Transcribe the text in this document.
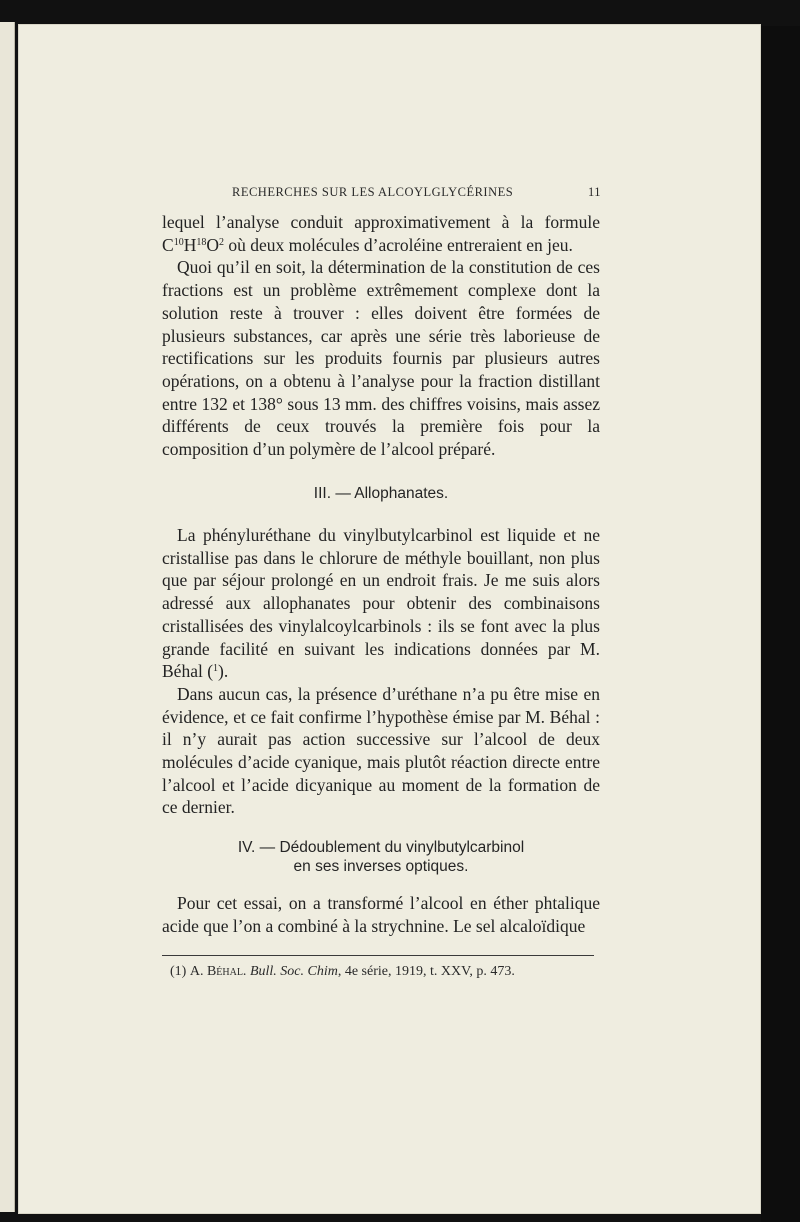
RECHERCHES SUR LES ALCOYLGLYCÉRINES	11

lequel l’analyse conduit approximativement à la formule $C^{10}H^{18}O^2$ où deux molécules d’acroléine entreraient en jeu.

Quoi qu’il en soit, la détermination de la constitution de ces fractions est un problème extrêmement complexe dont la solution reste à trouver : elles doivent être formées de plusieurs substances, car après une série très laborieuse de rectifications sur les produits fournis par plusieurs autres opérations, on a obtenu à l’analyse pour la fraction distillant entre 132 et 138° sous 13 mm. des chiffres voisins, mais assez différents de ceux trouvés la première fois pour la composition d’un polymère de l’alcool préparé.

III. — Allophanates.

La phényluréthane du vinylbutylcarbinol est liquide et ne cristallise pas dans le chlorure de méthyle bouillant, non plus que par séjour prolongé en un endroit frais. Je me suis alors adressé aux allophanates pour obtenir des combinaisons cristallisées des vinylalcoylcarbinols : ils se font avec la plus grande facilité en suivant les indications données par M. Béhal ($^1$).

Dans aucun cas, la présence d’uréthane n’a pu être mise en évidence, et ce fait confirme l’hypothèse émise par M. Béhal : il n’y aurait pas action successive sur l’alcool de deux molécules d’acide cyanique, mais plutôt réaction directe entre l’alcool et l’acide dicyanique au moment de la formation de ce dernier.

IV. — Dédoublement du vinylbutylcarbinol
en ses inverses optiques.

Pour cet essai, on a transformé l’alcool en éther phtalique acide que l’on a combiné à la strychnine. Le sel alcaloïdique

(1) A. Béhal. Bull. Soc. Chim, 4e série, 1919, t. XXV, p. 473.
